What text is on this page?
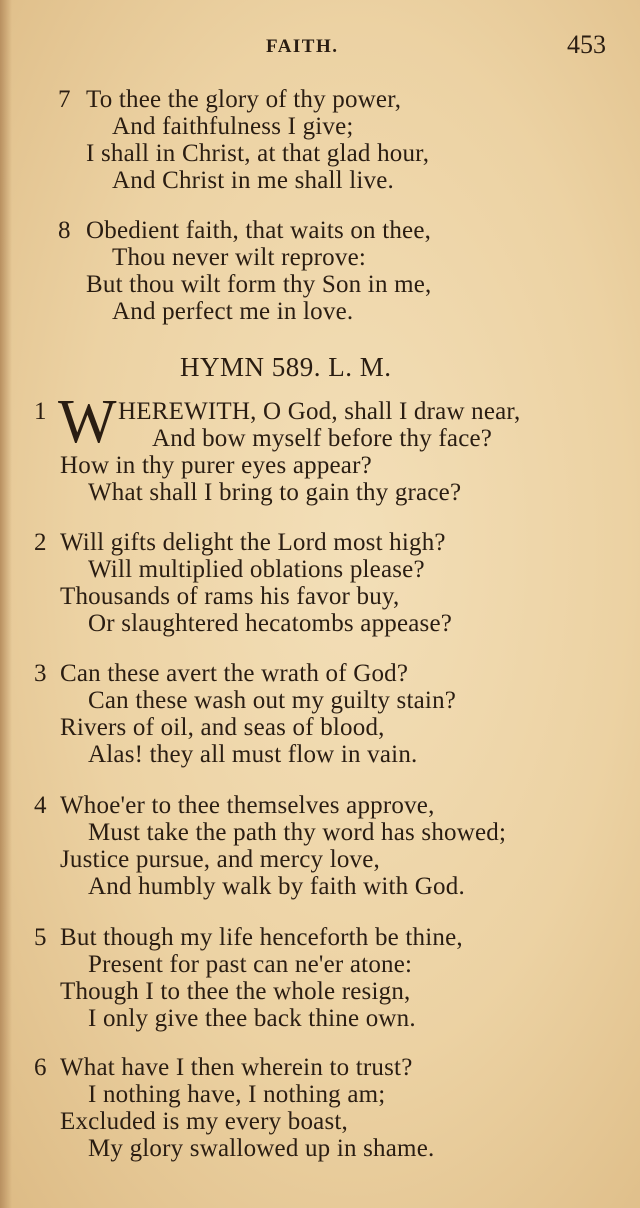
FAITH.	453
7 To thee the glory of thy power,
And faithfulness I give;
I shall in Christ, at that glad hour,
And Christ in me shall live.
8 Obedient faith, that waits on thee,
Thou never wilt reprove:
But thou wilt form thy Son in me,
And perfect me in love.
HYMN 589. L. M.
1 W HEREWITH, O God, shall I draw near,
And bow myself before thy face?
How in thy purer eyes appear?
What shall I bring to gain thy grace?
2 Will gifts delight the Lord most high?
Will multiplied oblations please?
Thousands of rams his favor buy,
Or slaughtered hecatombs appease?
3 Can these avert the wrath of God?
Can these wash out my guilty stain?
Rivers of oil, and seas of blood,
Alas! they all must flow in vain.
4 Whoe'er to thee themselves approve,
Must take the path thy word has showed;
Justice pursue, and mercy love,
And humbly walk by faith with God.
5 But though my life henceforth be thine,
Present for past can ne'er atone:
Though I to thee the whole resign,
I only give thee back thine own.
6 What have I then wherein to trust?
I nothing have, I nothing am;
Excluded is my every boast,
My glory swallowed up in shame.
